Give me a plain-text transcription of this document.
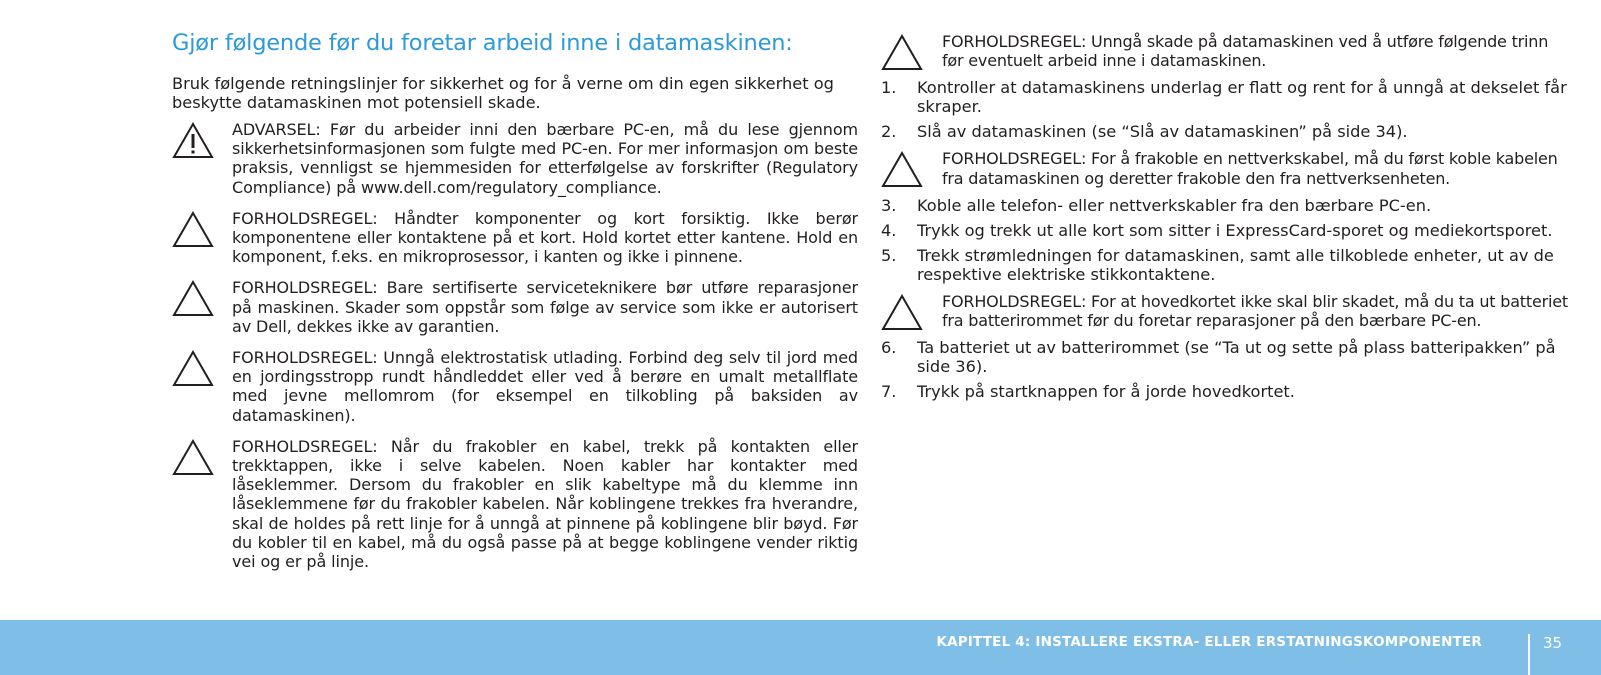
Gjør følgende før du foretar arbeid inne i datamaskinen:

Bruk følgende retningslinjer for sikkerhet og for å verne om din egen sikkerhet og beskytte datamaskinen mot potensiell skade.

ADVARSEL: Før du arbeider inni den bærbare PC-en, må du lese gjennom sikkerhetsinformasjonen som fulgte med PC-en. For mer informasjon om beste praksis, vennligst se hjemmesiden for etterfølgelse av forskrifter (Regulatory Compliance) på www.dell.com/regulatory_compliance.
FORHOLDSREGEL: Håndter komponenter og kort forsiktig. Ikke berør komponentene eller kontaktene på et kort. Hold kortet etter kantene. Hold en komponent, f.eks. en mikroprosessor, i kanten og ikke i pinnene.
FORHOLDSREGEL: Bare sertifiserte serviceteknikere bør utføre reparasjoner på maskinen. Skader som oppstår som følge av service som ikke er autorisert av Dell, dekkes ikke av garantien.
FORHOLDSREGEL: Unngå elektrostatisk utlading. Forbind deg selv til jord med en jordingsstropp rundt håndleddet eller ved å berøre en umalt metallflate med jevne mellomrom (for eksempel en tilkobling på baksiden av datamaskinen).
FORHOLDSREGEL: Når du frakobler en kabel, trekk på kontakten eller trekktappen, ikke i selve kabelen. Noen kabler har kontakter med låseklemmer. Dersom du frakobler en slik kabeltype må du klemme inn låseklemmene før du frakobler kabelen. Når koblingene trekkes fra hverandre, skal de holdes på rett linje for å unngå at pinnene på koblingene blir bøyd. Før du kobler til en kabel, må du også passe på at begge koblingene vender riktig vei og er på linje.
FORHOLDSREGEL: Unngå skade på datamaskinen ved å utføre følgende trinn før eventuelt arbeid inne i datamaskinen.
1. Kontroller at datamaskinens underlag er flatt og rent for å unngå at dekselet får skraper.
2. Slå av datamaskinen (se “Slå av datamaskinen” på side 34).
FORHOLDSREGEL: For å frakoble en nettverkskabel, må du først koble kabelen fra datamaskinen og deretter frakoble den fra nettverksenheten.
3. Koble alle telefon- eller nettverkskabler fra den bærbare PC-en.
4. Trykk og trekk ut alle kort som sitter i ExpressCard-sporet og mediekortsporet.
5. Trekk strømledningen for datamaskinen, samt alle tilkoblede enheter, ut av de respektive elektriske stikkontaktene.
FORHOLDSREGEL: For at hovedkortet ikke skal blir skadet, må du ta ut batteriet fra batterirommet før du foretar reparasjoner på den bærbare PC-en.
6. Ta batteriet ut av batterirommet (se “Ta ut og sette på plass batteripakken” på side 36).
7. Trykk på startknappen for å jorde hovedkortet.
KAPITTEL 4: INSTALLERE EKSTRA- ELLER ERSTATNINGSKOMPONENTER	35
